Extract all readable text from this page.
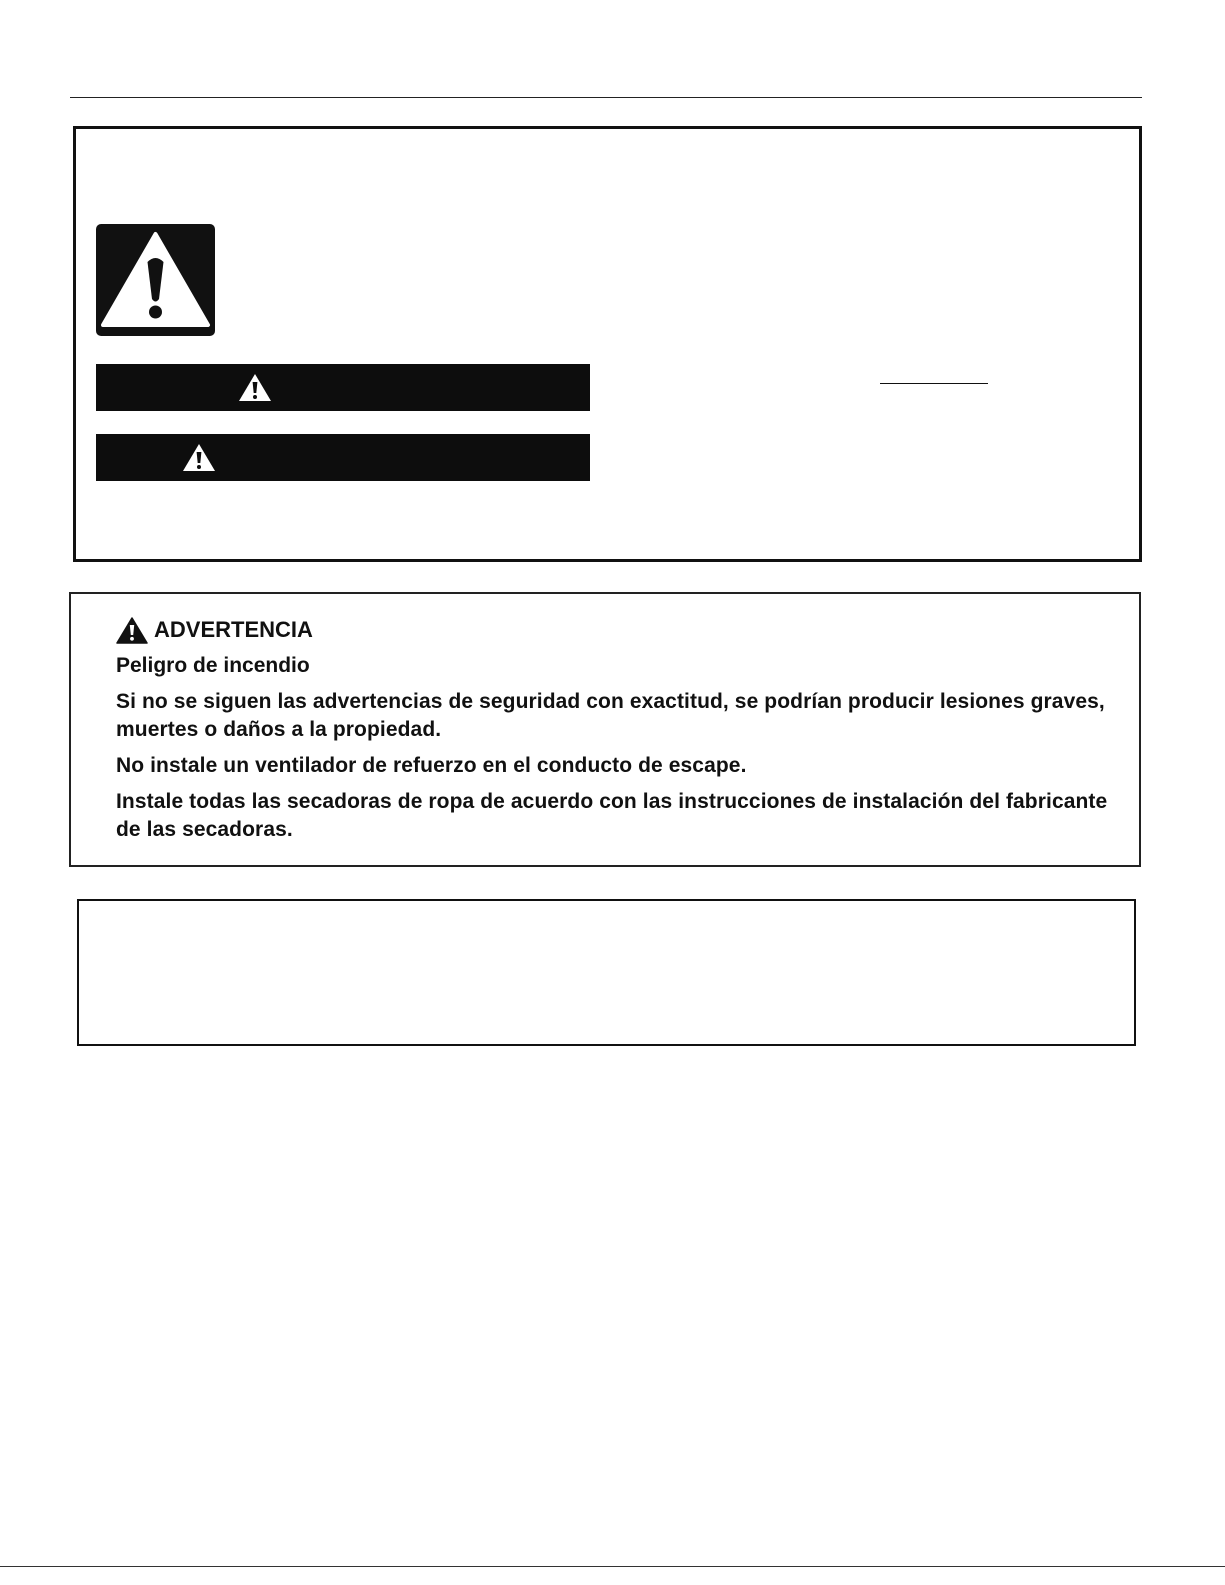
ADVERTENCIA
Peligro de incendio
Si no se siguen las advertencias de seguridad con exactitud, se podrían producir lesiones graves, muertes o daños a la propiedad.
No instale un ventilador de refuerzo en el conducto de escape.
Instale todas las secadoras de ropa de acuerdo con las instrucciones de instalación del fabricante de las secadoras.
